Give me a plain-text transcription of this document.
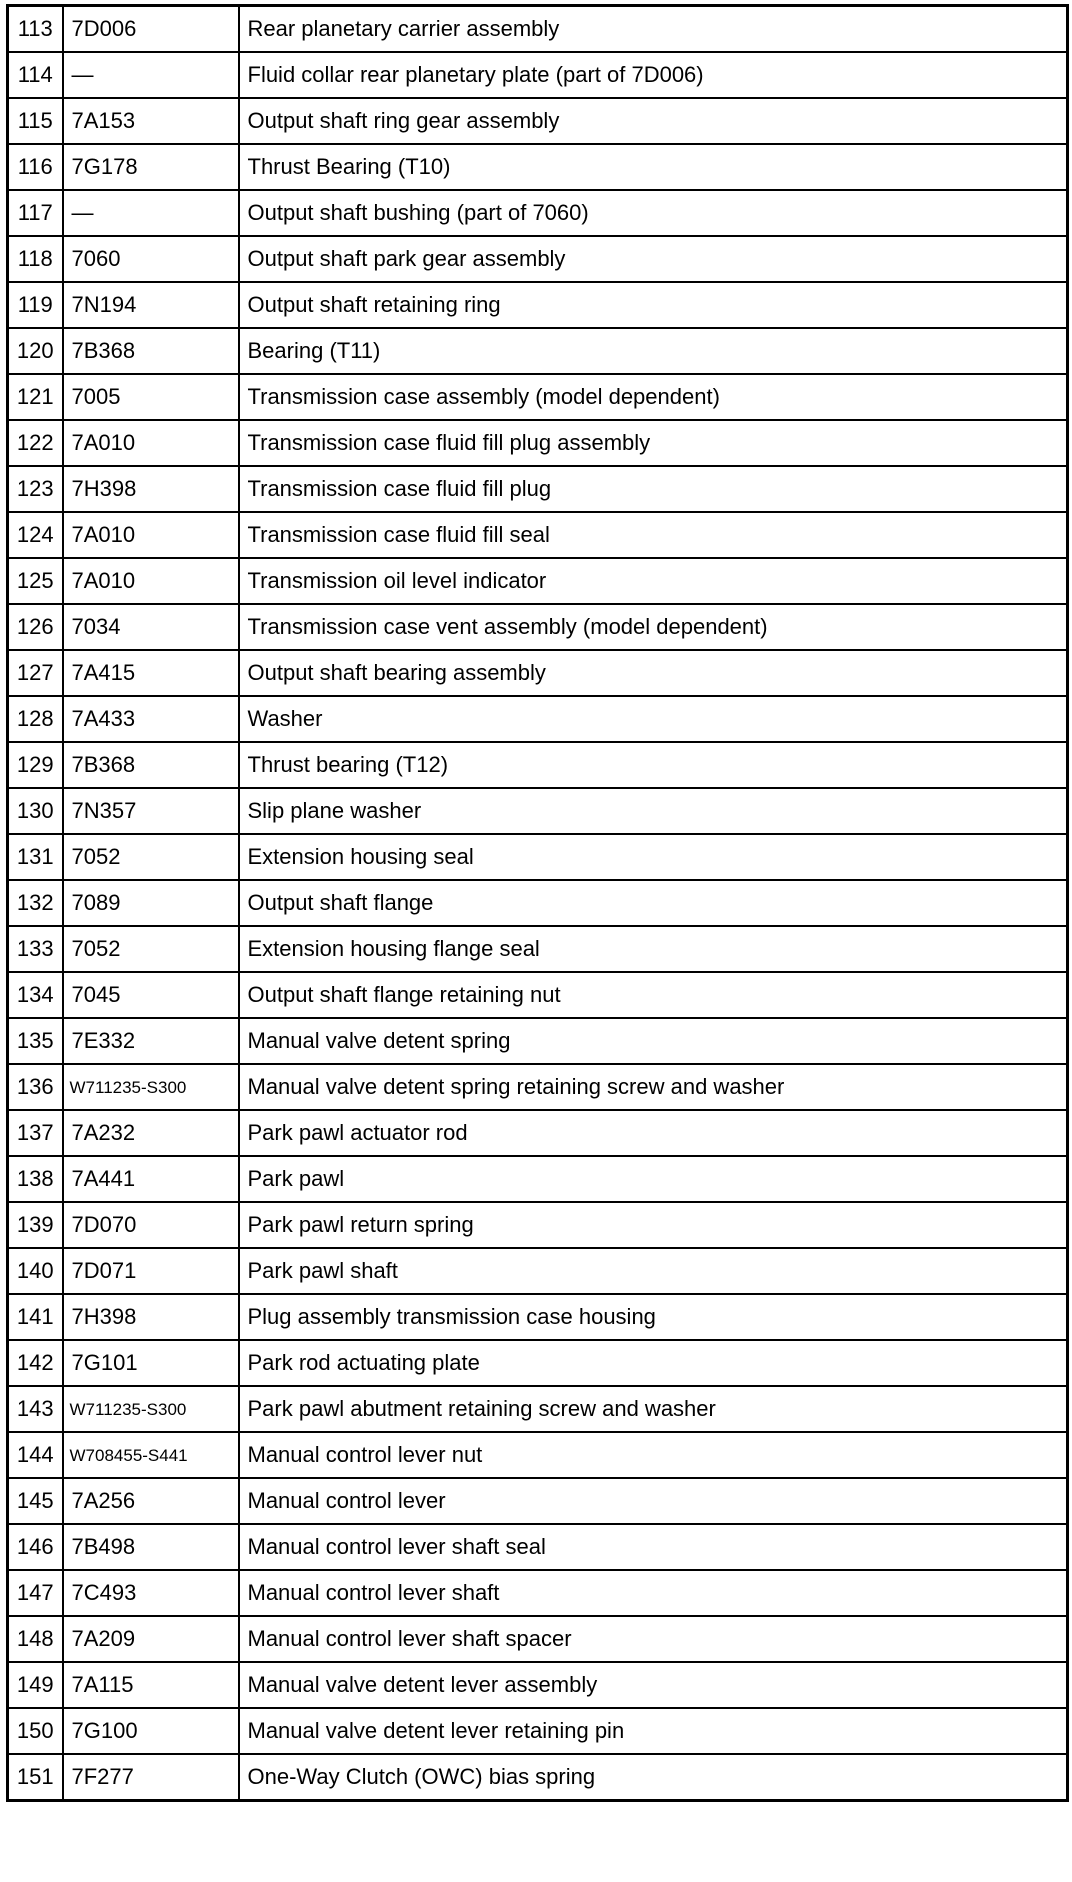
113	7D006	Rear planetary carrier assembly
114	—	Fluid collar rear planetary plate (part of 7D006)
115	7A153	Output shaft ring gear assembly
116	7G178	Thrust Bearing (T10)
117	—	Output shaft bushing (part of 7060)
118	7060	Output shaft park gear assembly
119	7N194	Output shaft retaining ring
120	7B368	Bearing (T11)
121	7005	Transmission case assembly (model dependent)
122	7A010	Transmission case fluid fill plug assembly
123	7H398	Transmission case fluid fill plug
124	7A010	Transmission case fluid fill seal
125	7A010	Transmission oil level indicator
126	7034	Transmission case vent assembly (model dependent)
127	7A415	Output shaft bearing assembly
128	7A433	Washer
129	7B368	Thrust bearing (T12)
130	7N357	Slip plane washer
131	7052	Extension housing seal
132	7089	Output shaft flange
133	7052	Extension housing flange seal
134	7045	Output shaft flange retaining nut
135	7E332	Manual valve detent spring
136	W711235-S300	Manual valve detent spring retaining screw and washer
137	7A232	Park pawl actuator rod
138	7A441	Park pawl
139	7D070	Park pawl return spring
140	7D071	Park pawl shaft
141	7H398	Plug assembly transmission case housing
142	7G101	Park rod actuating plate
143	W711235-S300	Park pawl abutment retaining screw and washer
144	W708455-S441	Manual control lever nut
145	7A256	Manual control lever
146	7B498	Manual control lever shaft seal
147	7C493	Manual control lever shaft
148	7A209	Manual control lever shaft spacer
149	7A115	Manual valve detent lever assembly
150	7G100	Manual valve detent lever retaining pin
151	7F277	One-Way Clutch (OWC) bias spring
